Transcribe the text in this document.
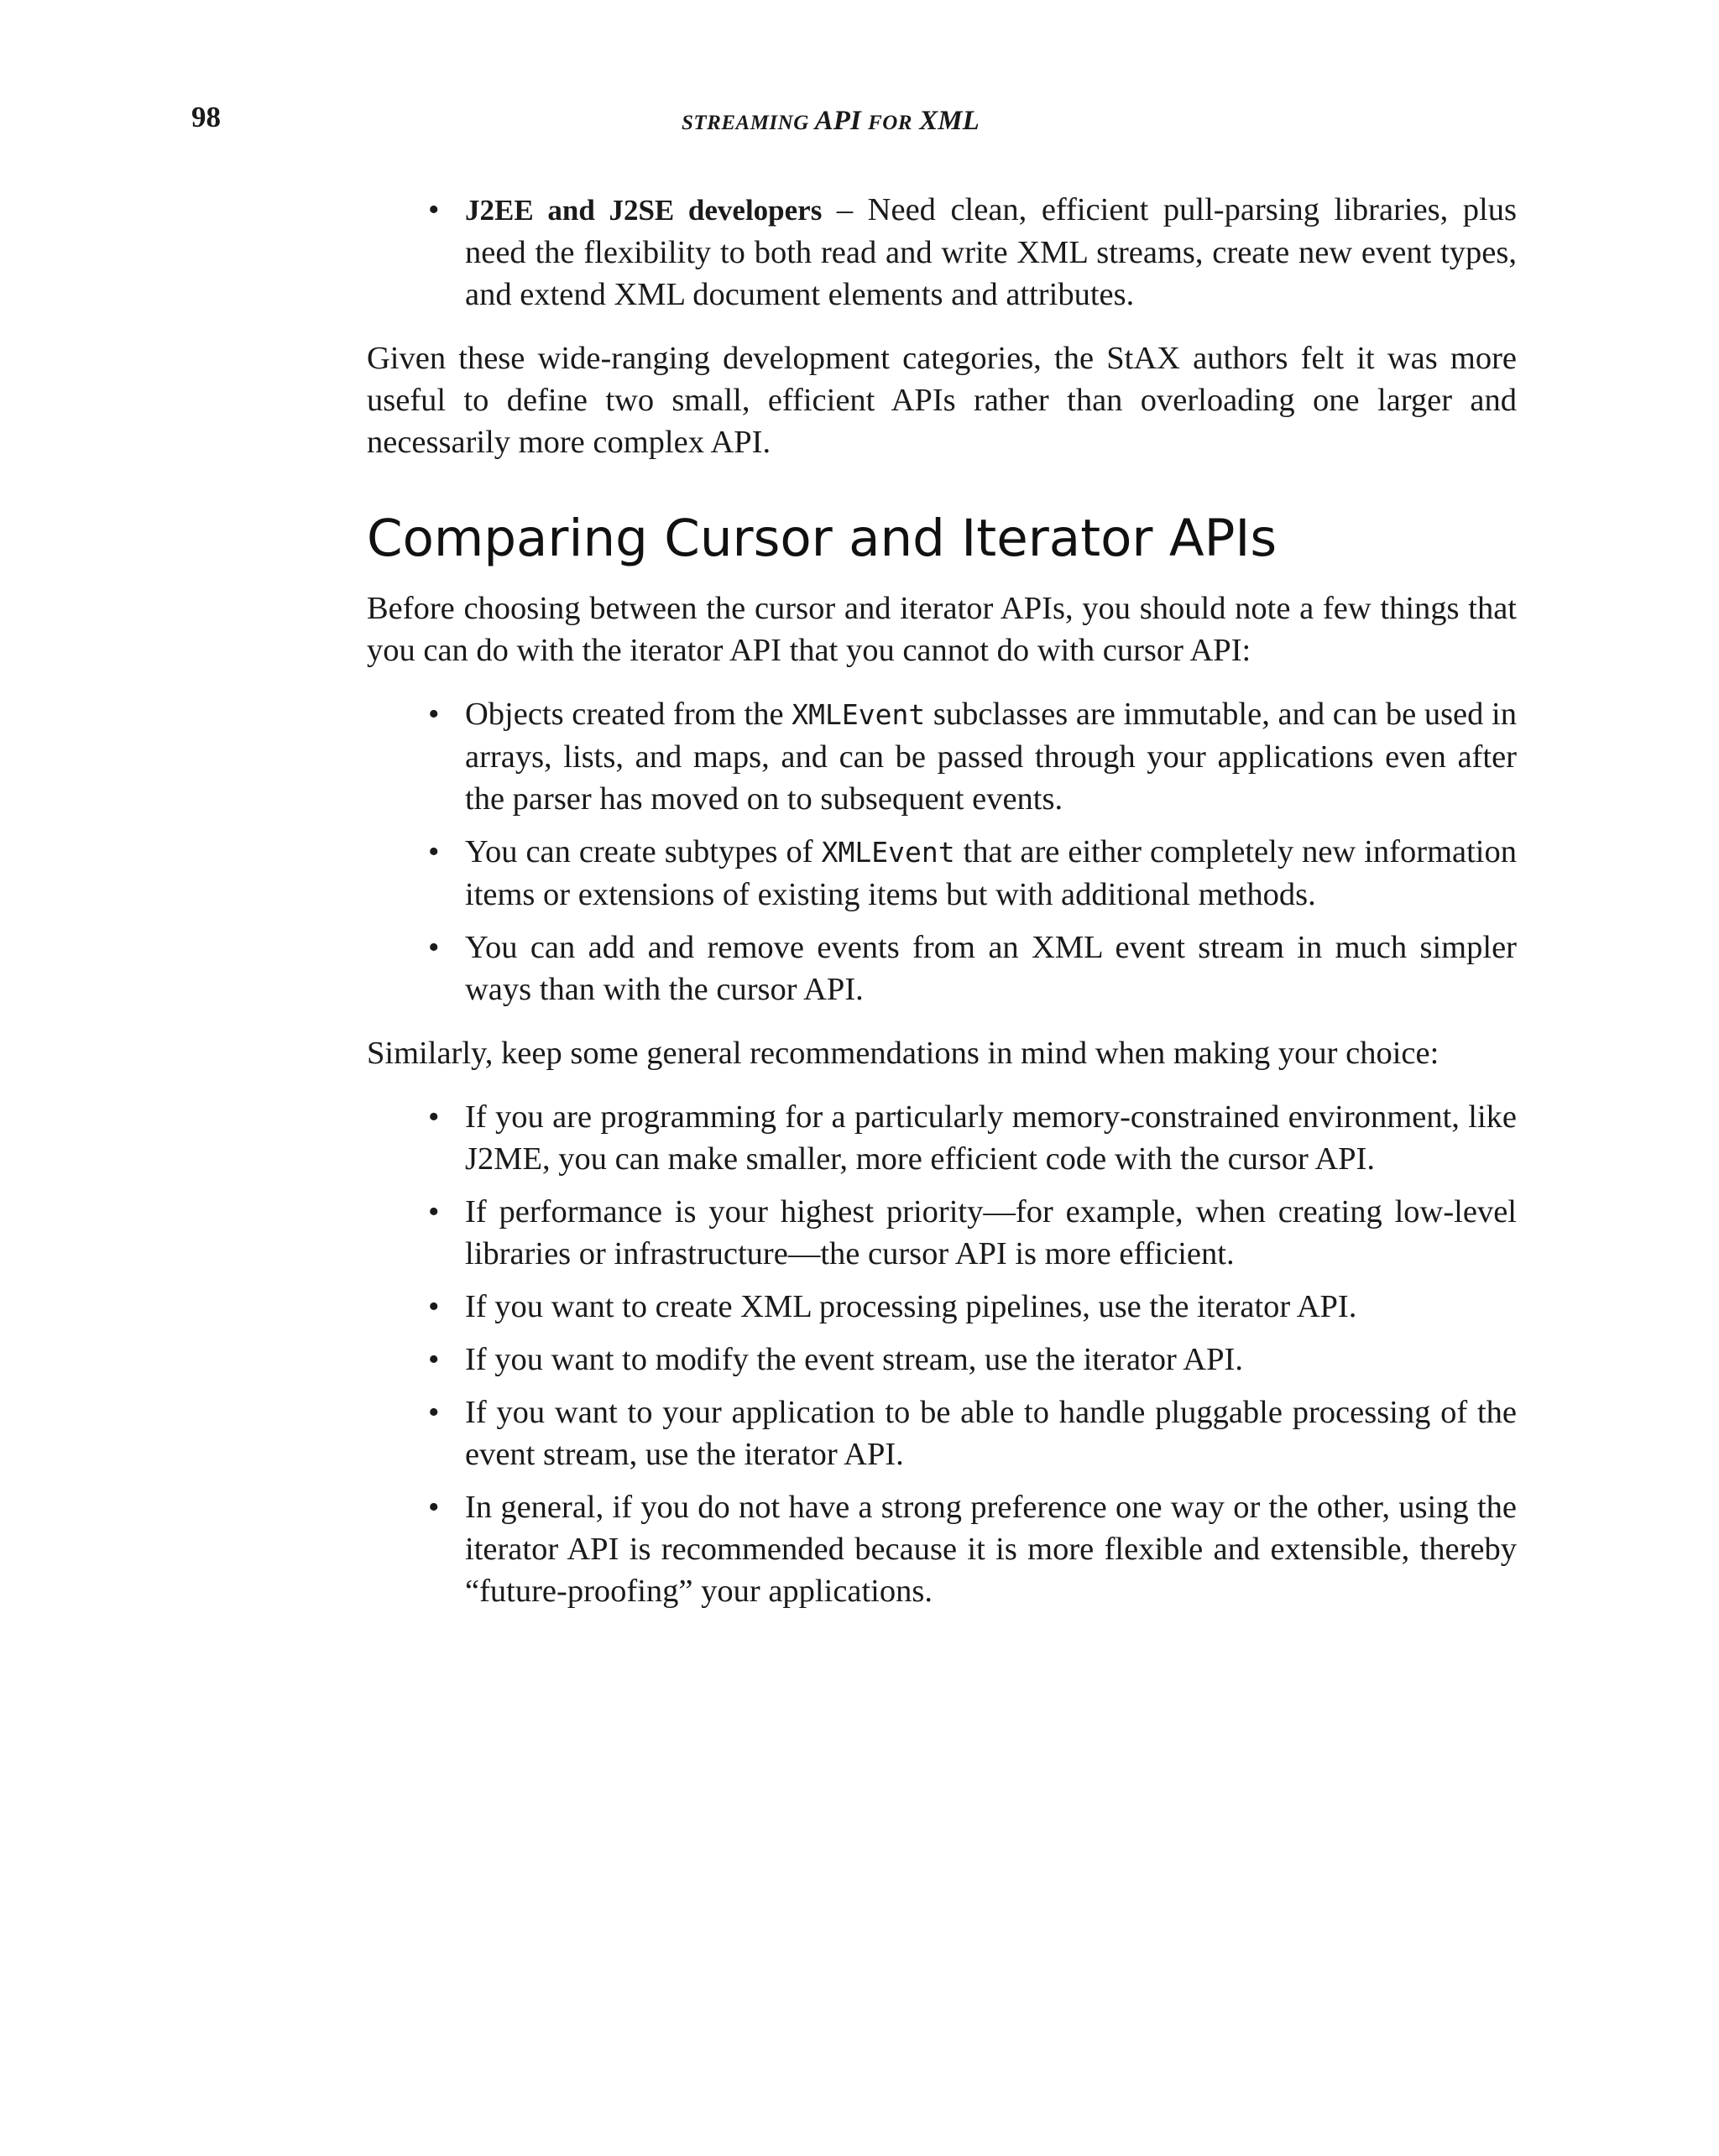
98	STREAMING API FOR XML
• J2EE and J2SE developers – Need clean, efficient pull-parsing libraries, plus need the flexibility to both read and write XML streams, create new event types, and extend XML document elements and attributes.

Given these wide-ranging development categories, the StAX authors felt it was more useful to define two small, efficient APIs rather than overloading one larger and necessarily more complex API.

Comparing Cursor and Iterator APIs

Before choosing between the cursor and iterator APIs, you should note a few things that you can do with the iterator API that you cannot do with cursor API:

• Objects created from the XMLEvent subclasses are immutable, and can be used in arrays, lists, and maps, and can be passed through your applications even after the parser has moved on to subsequent events.
• You can create subtypes of XMLEvent that are either completely new information items or extensions of existing items but with additional methods.
• You can add and remove events from an XML event stream in much simpler ways than with the cursor API.

Similarly, keep some general recommendations in mind when making your choice:

• If you are programming for a particularly memory-constrained environment, like J2ME, you can make smaller, more efficient code with the cursor API.
• If performance is your highest priority—for example, when creating low-level libraries or infrastructure—the cursor API is more efficient.
• If you want to create XML processing pipelines, use the iterator API.
• If you want to modify the event stream, use the iterator API.
• If you want to your application to be able to handle pluggable processing of the event stream, use the iterator API.
• In general, if you do not have a strong preference one way or the other, using the iterator API is recommended because it is more flexible and extensible, thereby “future-proofing” your applications.
